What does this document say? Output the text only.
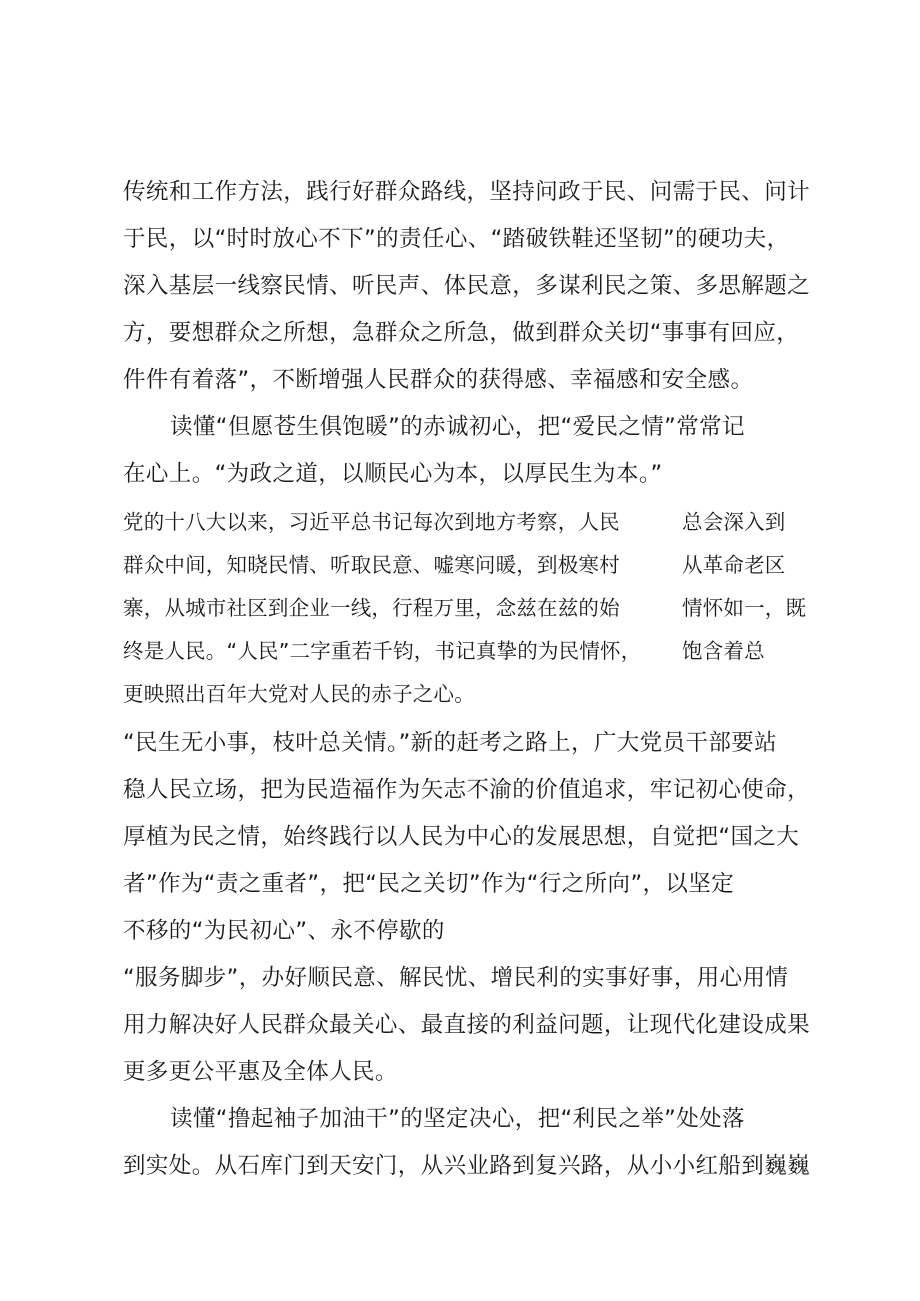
传统和工作方法，践行好群众路线，坚持问政于民、问需于民、问计
于民，以“时时放心不下”的责任心、“踏破铁鞋还坚韧”的硬功夫，
深入基层一线察民情、听民声、体民意，多谋利民之策、多思解题之
方，要想群众之所想，急群众之所急，做到群众关切“事事有回应，
件件有着落”，不断增强人民群众的获得感、幸福感和安全感。
读懂“但愿苍生俱饱暖”的赤诚初心，把“爱民之情”常常记
在心上。“为政之道，以顺民心为本，以厚民生为本。”
党的十八大以来，习近平总书记每次到地方考察，人民
群众中间，知晓民情、听取民意、嘘寒问暖，到极寒村
寨，从城市社区到企业一线，行程万里，念兹在兹的始
终是人民。“人民”二字重若千钧，书记真挚的为民情怀，
更映照出百年大党对人民的赤子之心。
总会深入到
从革命老区
情怀如一，既
饱含着总
“民生无小事，枝叶总关情。”新的赶考之路上，广大党员干部要站
稳人民立场，把为民造福作为矢志不渝的价值追求，牢记初心使命，
厚植为民之情，始终践行以人民为中心的发展思想，自觉把“国之大
者”作为“责之重者”，把“民之关切”作为“行之所向”，以坚定
不移的“为民初心”、永不停歇的
“服务脚步”，办好顺民意、解民忧、增民利的实事好事，用心用情
用力解决好人民群众最关心、最直接的利益问题，让现代化建设成果
更多更公平惠及全体人民。
读懂“撸起袖子加油干”的坚定决心，把“利民之举”处处落
到实处。从石库门到天安门，从兴业路到复兴路，从小小红船到巍巍
